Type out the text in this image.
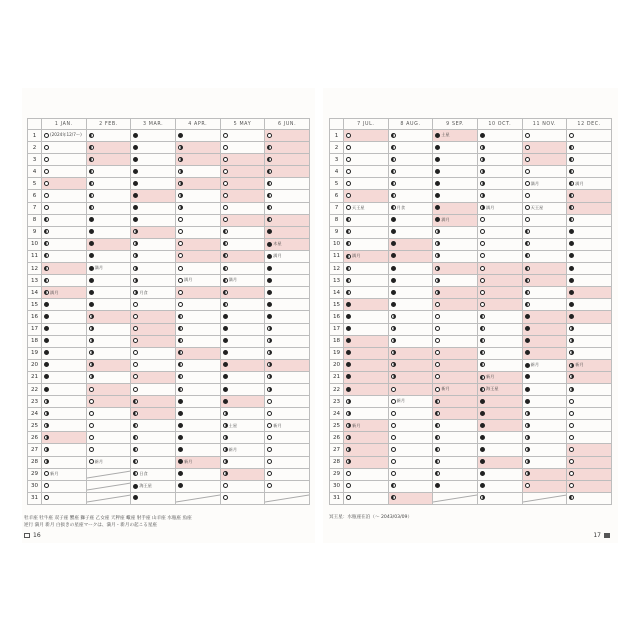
	1 JAN.	2 FEB.	3 MAR.	4 APR.	5 MAY	6 JUN.
1	(2024年12/7〜)					
2						
3						
4						
5						
6						
7						
8						
9						
10						木星
11						満月
12		満月				
13				満月	満月	
14	満月		月食			
15						
16						
17						
18						
19						
20						
21						
22						
23						
24						
25					土星	新月
26						
27					新月	
28		新月		新月		
29	新月		日食			
30			海王星			
31						
牡羊座 牡牛座 双子座 蟹座 獅子座 乙女座 天秤座 蠍座 射手座 山羊座 水瓶座 魚座
逆行 満月 新月 白抜きの星座マークは、満月・新月の起こる星座
16
	7 JUL.	8 AUG.	9 SEP.	10 OCT.	11 NOV.	12 DEC.
1			土星			
2						
3						
4						
5					満月	満月
6						
7	天王星	月食		満月	天王星	
8			満月			
9						
10						
11	満月					
12						
13						
14						
15						
16						
17						
18						
19						
20					新月	新月
21				新月		
22			新月	海王星		
23		新月				
24						
25	新月					
26						
27						
28						
29						
30						
31						
冥王星：水瓶座在泊（〜 2043/03/09）
17
